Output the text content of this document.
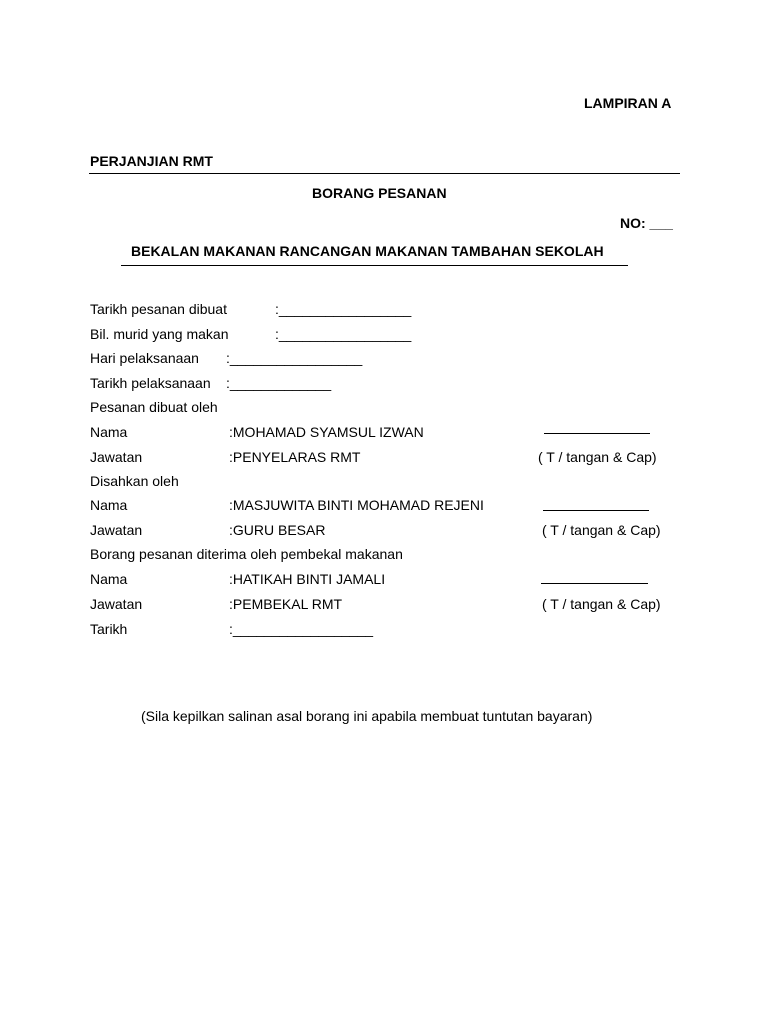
LAMPIRAN A
PERJANJIAN RMT
BORANG PESANAN
NO: ___
BEKALAN MAKANAN RANCANGAN MAKANAN TAMBAHAN SEKOLAH
Tarikh pesanan dibuat	:_________________
Bil. murid yang makan	:_________________
Hari pelaksanaan :_________________
Tarikh pelaksanaan :_____________
Pesanan dibuat oleh
Nama	:MOHAMAD SYAMSUL IZWAN
Jawatan	:PENYELARAS RMT	( T / tangan & Cap)
Disahkan oleh
Nama	:MASJUWITA BINTI MOHAMAD REJENI
Jawatan	:GURU BESAR	( T / tangan & Cap)
Borang pesanan diterima oleh pembekal makanan
Nama	:HATIKAH BINTI JAMALI
Jawatan	:PEMBEKAL RMT	( T / tangan & Cap)
Tarikh	:__________________
(Sila kepilkan salinan asal borang ini apabila membuat tuntutan bayaran)
